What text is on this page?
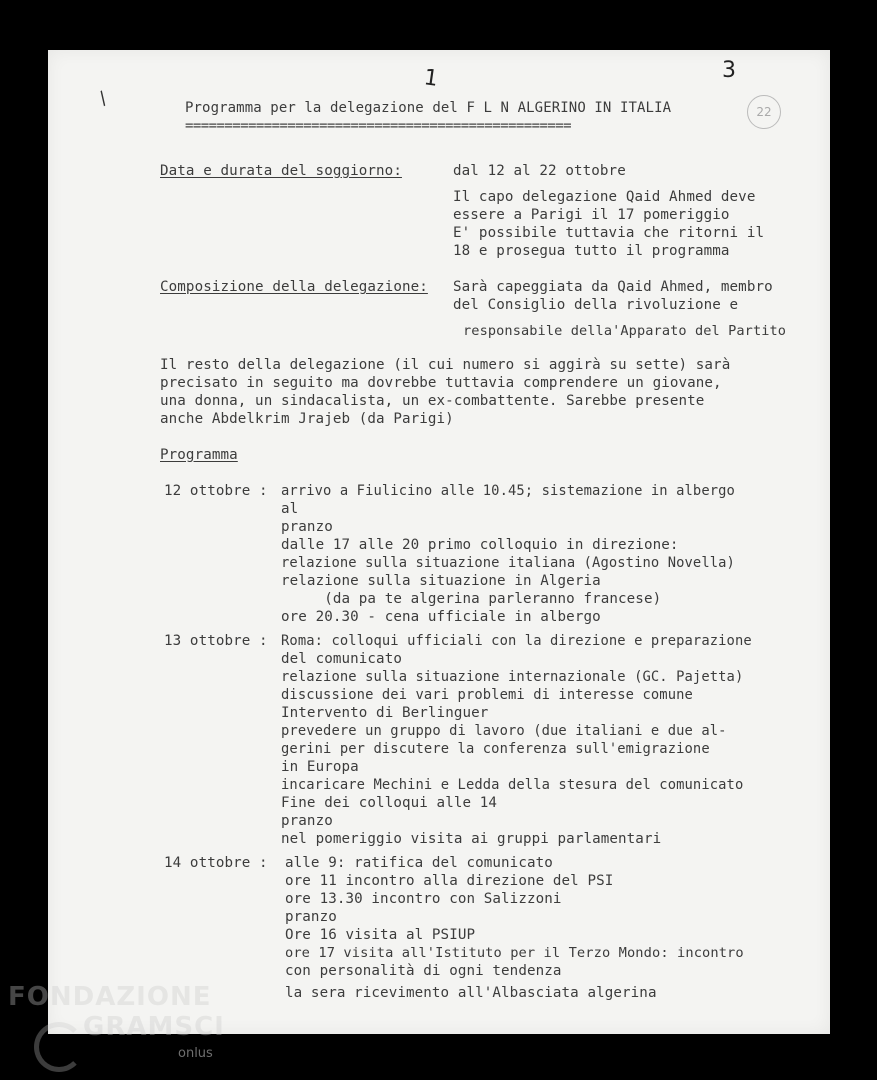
1	3
22
/	Programma per la delegazione del F L N ALGERINO IN ITALIA
=================================================
Data e durata del soggiorno:	dal 12 al 22 ottobre
Il capo delegazione Qaid Ahmed deve
essere a Parigi il 17 pomeriggio
E' possibile tuttavia che ritorni il
18 e prosegua tutto il programma
Composizione della delegazione: Sarà capeggiata da Qaid Ahmed, membro
del Consiglio della rivoluzione e
responsabile della'Apparato del Partito
Il resto della delegazione (il cui numero si aggirà su sette) sarà
precisato in seguito ma dovrebbe tuttavia comprendere un giovane,
una donna, un sindacalista, un ex-combattente. Sarebbe presente
anche Abdelkrim Jrajeb (da Parigi)
Programma
12 ottobre : arrivo a Fiulicino alle 10.45; sistemazione in albergo
al
pranzo
dalle 17 alle 20 primo colloquio in direzione:
relazione sulla situazione italiana (Agostino Novella)
relazione sulla situazione in Algeria
(da pa te algerina parleranno francese)
ore 20.30 - cena ufficiale in albergo
13 ottobre : Roma: colloqui ufficiali con la direzione e preparazione
del comunicato
relazione sulla situazione internazionale (GC. Pajetta)
discussione dei vari problemi di interesse comune
Intervento di Berlinguer
prevedere un gruppo di lavoro (due italiani e due al-
gerini per discutere la conferenza sull'emigrazione
in Europa
incaricare Mechini e Ledda della stesura del comunicato
Fine dei colloqui alle 14
pranzo
nel pomeriggio visita ai gruppi parlamentari
14 ottobre : alle 9: ratifica del comunicato
ore 11 incontro alla direzione del PSI
ore 13.30 incontro con Salizzoni
pranzo
Ore 16 visita al PSIUP
ore 17 visita all'Istituto per il Terzo Mondo: incontro
con personalità di ogni tendenza
la sera ricevimento all'Albasciata algerina
FONDAZIONE
GRAMSCI
onlus
